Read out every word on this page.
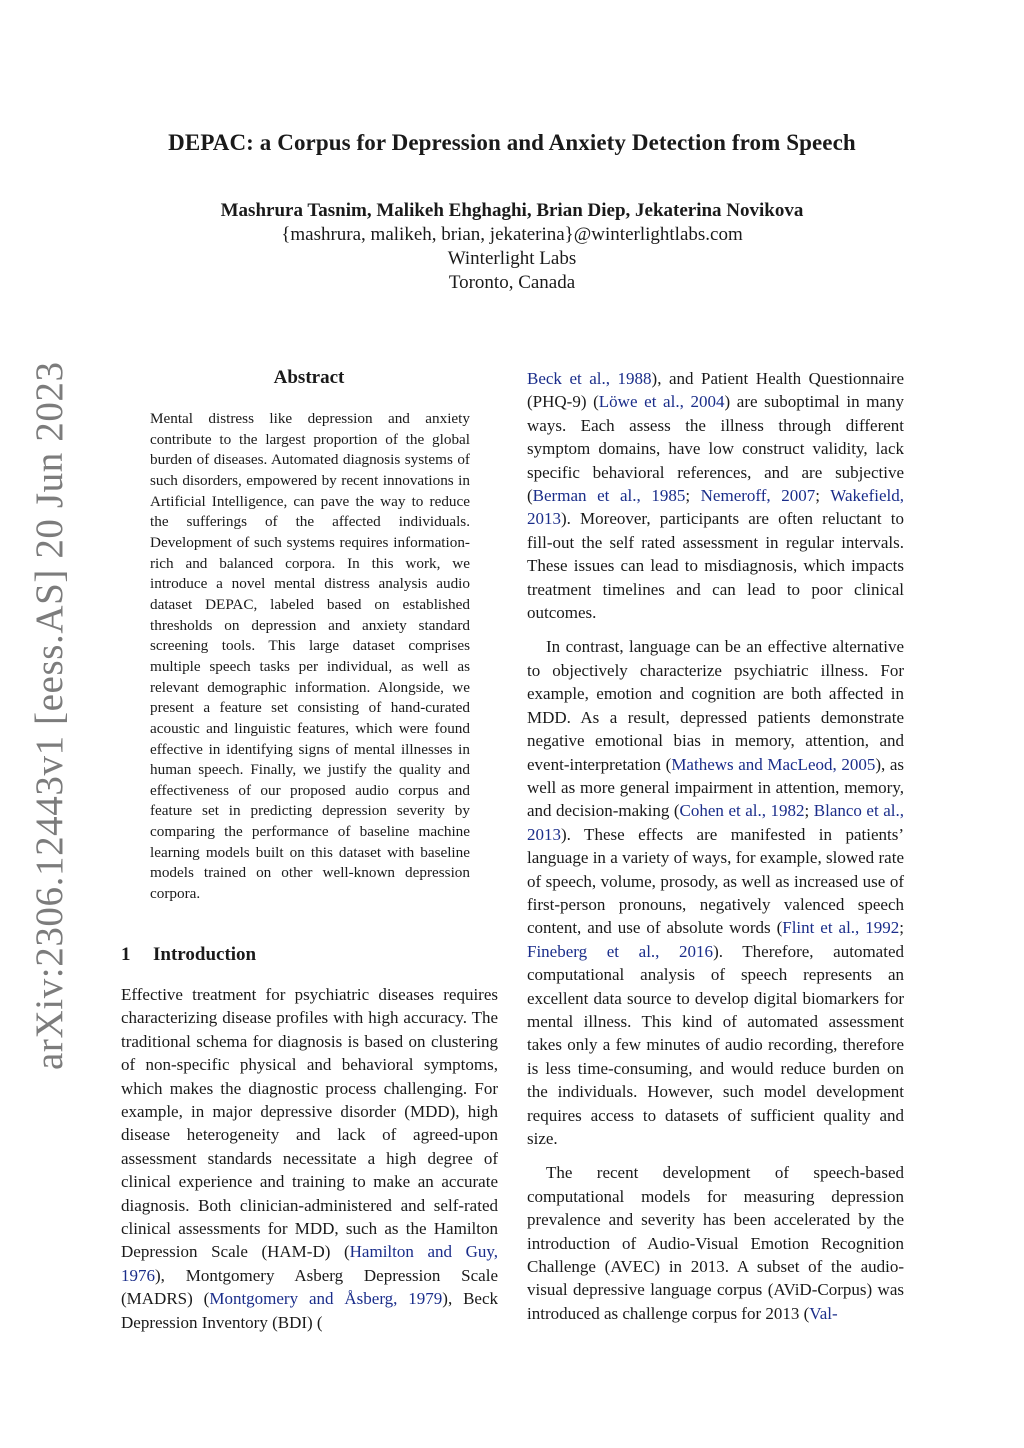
DEPAC: a Corpus for Depression and Anxiety Detection from Speech
Mashrura Tasnim, Malikeh Ehghaghi, Brian Diep, Jekaterina Novikova
{mashrura, malikeh, brian, jekaterina}@winterlightlabs.com
Winterlight Labs
Toronto, Canada
arXiv:2306.12443v1 [eess.AS] 20 Jun 2023	Abstract
Mental distress like depression and anxiety contribute to the largest proportion of the global burden of diseases. Automated diagnosis systems of such disorders, empowered by recent innovations in Artificial Intelligence, can pave the way to reduce the sufferings of the affected individuals. Development of such systems requires information-rich and balanced corpora. In this work, we introduce a novel mental distress analysis audio dataset DEPAC, labeled based on established thresholds on depression and anxiety standard screening tools. This large dataset comprises multiple speech tasks per individual, as well as relevant demographic information. Alongside, we present a feature set consisting of hand-curated acoustic and linguistic features, which were found effective in identifying signs of mental illnesses in human speech. Finally, we justify the quality and effectiveness of our proposed audio corpus and feature set in predicting depression severity by comparing the performance of baseline machine learning models built on this dataset with baseline models trained on other well-known depression corpora.
1 Introduction

Effective treatment for psychiatric diseases requires characterizing disease profiles with high accuracy. The traditional schema for diagnosis is based on clustering of non-specific physical and behavioral symptoms, which makes the diagnostic process challenging. For example, in major depressive disorder (MDD), high disease heterogeneity and lack of agreed-upon assessment standards necessitate a high degree of clinical experience and training to make an accurate diagnosis. Both clinician-administered and self-rated clinical assessments for MDD, such as the Hamilton Depression Scale (HAM-D) (Hamilton and Guy, 1976), Montgomery Asberg Depression Scale (MADRS) (Montgomery and Åsberg, 1979), Beck Depression Inventory (BDI) (

Beck et al., 1988), and Patient Health Questionnaire (PHQ-9) (Löwe et al., 2004) are suboptimal in many ways. Each assess the illness through different symptom domains, have low construct validity, lack specific behavioral references, and are subjective (Berman et al., 1985; Nemeroff, 2007; Wakefield, 2013). Moreover, participants are often reluctant to fill-out the self rated assessment in regular intervals. These issues can lead to misdiagnosis, which impacts treatment timelines and can lead to poor clinical outcomes.

In contrast, language can be an effective alternative to objectively characterize psychiatric illness. For example, emotion and cognition are both affected in MDD. As a result, depressed patients demonstrate negative emotional bias in memory, attention, and event-interpretation (Mathews and MacLeod, 2005), as well as more general impairment in attention, memory, and decision-making (Cohen et al., 1982; Blanco et al., 2013). These effects are manifested in patients’ language in a variety of ways, for example, slowed rate of speech, volume, prosody, as well as increased use of first-person pronouns, negatively valenced speech content, and use of absolute words (Flint et al., 1992; Fineberg et al., 2016). Therefore, automated computational analysis of speech represents an excellent data source to develop digital biomarkers for mental illness. This kind of automated assessment takes only a few minutes of audio recording, therefore is less time-consuming, and would reduce burden on the individuals. However, such model development requires access to datasets of sufficient quality and size.

The recent development of speech-based computational models for measuring depression prevalence and severity has been accelerated by the introduction of Audio-Visual Emotion Recognition Challenge (AVEC) in 2013. A subset of the audio-visual depressive language corpus (AViD-Corpus) was introduced as challenge corpus for 2013 (Val-
